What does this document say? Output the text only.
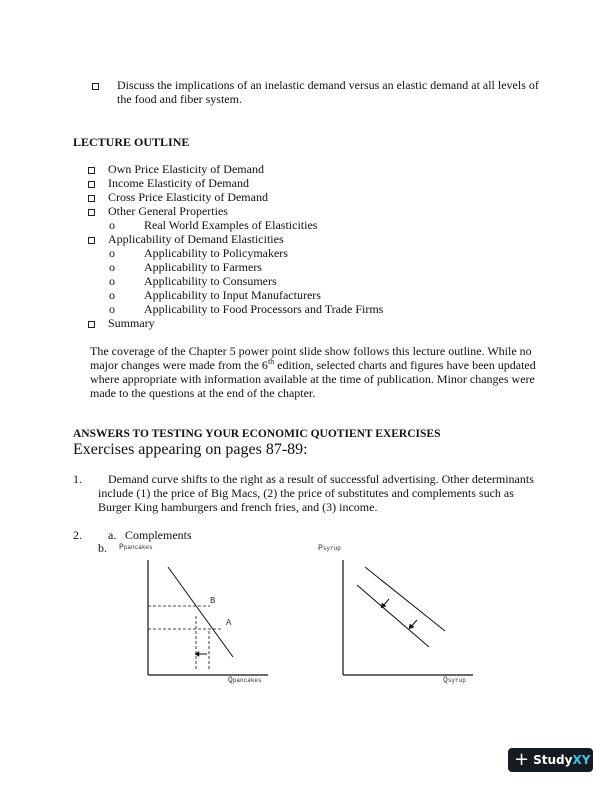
Discuss the implications of an inelastic demand versus an elastic demand at all levels of
the food and fiber system.
LECTURE OUTLINE
Own Price Elasticity of Demand
Income Elasticity of Demand
Cross Price Elasticity of Demand
Other General Properties
o Real World Examples of Elasticities
Applicability of Demand Elasticities
o Applicability to Policymakers
o Applicability to Farmers
o Applicability to Consumers
o Applicability to Input Manufacturers
o Applicability to Food Processors and Trade Firms
Summary
The coverage of the Chapter 5 power point slide show follows this lecture outline. While no
major changes were made from the 6th edition, selected charts and figures have been updated
where appropriate with information available at the time of publication. Minor changes were
made to the questions at the end of the chapter.
ANSWERS TO TESTING YOUR ECONOMIC QUOTIENT EXERCISES
Exercises appearing on pages 87-89:
1. Demand curve shifts to the right as a result of successful advertising. Other determinants
include (1) the price of Big Macs, (2) the price of substitutes and complements such as
Burger King hamburgers and french fries, and (3) income.
2. a. Complements
b. Ppancakes
Qpancakes
B
A
Psyrup
Qsyrup
+ StudyXY
